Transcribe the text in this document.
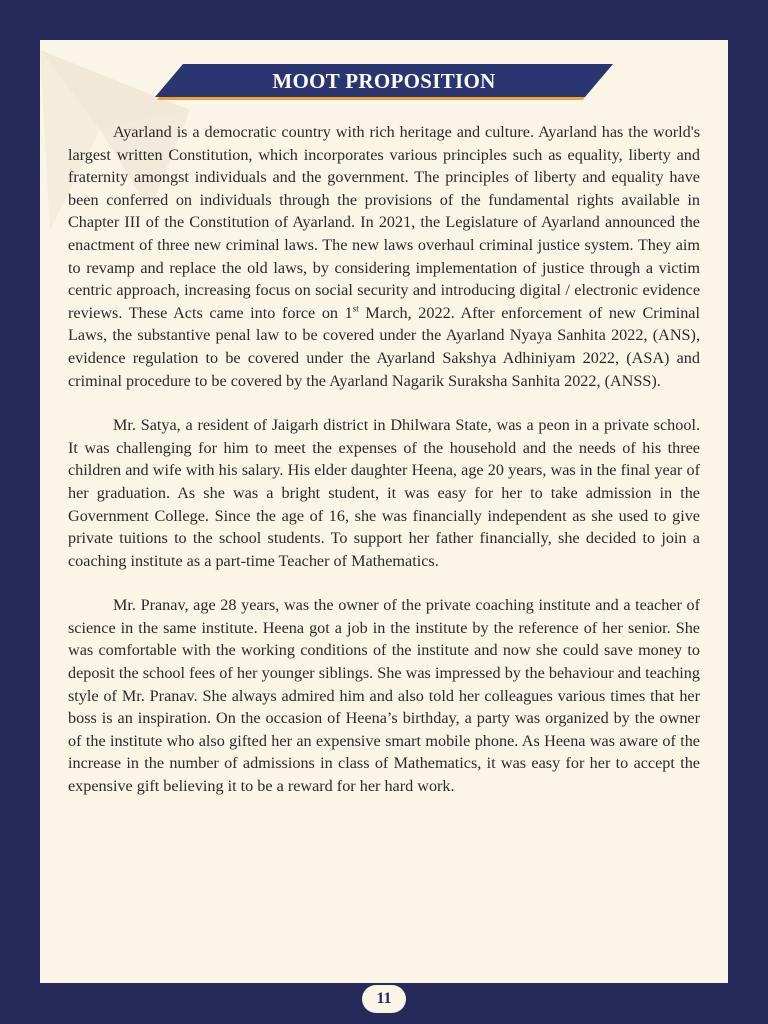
MOOT PROPOSITION

Ayarland is a democratic country with rich heritage and culture. Ayarland has the world's largest written Constitution, which incorporates various principles such as equality, liberty and fraternity amongst individuals and the government. The principles of liberty and equality have been conferred on individuals through the provisions of the fundamental rights available in Chapter III of the Constitution of Ayarland. In 2021, the Legislature of Ayarland announced the enactment of three new criminal laws. The new laws overhaul criminal justice system. They aim to revamp and replace the old laws, by considering implementation of justice through a victim centric approach, increasing focus on social security and introducing digital / electronic evidence reviews. These Acts came into force on 1st March, 2022. After enforcement of new Criminal Laws, the substantive penal law to be covered under the Ayarland Nyaya Sanhita 2022, (ANS), evidence regulation to be covered under the Ayarland Sakshya Adhiniyam 2022, (ASA) and criminal procedure to be covered by the Ayarland Nagarik Suraksha Sanhita 2022, (ANSS).

Mr. Satya, a resident of Jaigarh district in Dhilwara State, was a peon in a private school. It was challenging for him to meet the expenses of the household and the needs of his three children and wife with his salary. His elder daughter Heena, age 20 years, was in the final year of her graduation. As she was a bright student, it was easy for her to take admission in the Government College. Since the age of 16, she was financially independent as she used to give private tuitions to the school students. To support her father financially, she decided to join a coaching institute as a part-time Teacher of Mathematics.

Mr. Pranav, age 28 years, was the owner of the private coaching institute and a teacher of science in the same institute. Heena got a job in the institute by the reference of her senior. She was comfortable with the working conditions of the institute and now she could save money to deposit the school fees of her younger siblings. She was impressed by the behaviour and teaching style of Mr. Pranav. She always admired him and also told her colleagues various times that her boss is an inspiration. On the occasion of Heena’s birthday, a party was organized by the owner of the institute who also gifted her an expensive smart mobile phone. As Heena was aware of the increase in the number of admissions in class of Mathematics, it was easy for her to accept the expensive gift believing it to be a reward for her hard work.

11
